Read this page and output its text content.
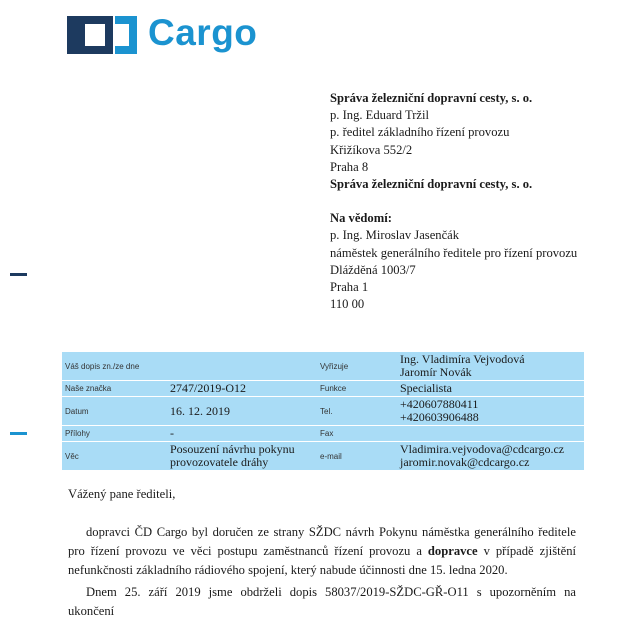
Cargo
Správa železniční dopravní cesty, s. o.
p. Ing. Eduard Tržil
p. ředitel základního řízení provozu
Křižíkova 552/2
Praha 8
Správa železniční dopravní cesty, s. o.
Na vědomí:
p. Ing. Miroslav Jasenčák
náměstek generálního ředitele pro řízení provozu
Dlážděná 1003/7
Praha 1
110 00
Váš dopis zn./ze dne		Vyřizuje	Ing. Vladimíra Vejvodová
Jaromír Novák

Naše značka	2747/2019-O12	Funkce	Specialista
Datum	16. 12. 2019	Tel.	+420607880411
+420603906488

Přílohy	-	Fax	
Věc	Posouzení návrhu pokynu provozovatele dráhy	e-mail	Vladimira.vejvodova@cdcargo.cz
jaromir.novak@cdcargo.cz
Vážený pane řediteli,
dopravci ČD Cargo byl doručen ze strany SŽDC návrh Pokynu náměstka generálního ředitele pro řízení provozu ve věci postupu zaměstnanců řízení provozu a dopravce v případě zjištění nefunkčnosti základního rádiového spojení, který nabude účinnosti dne 15. ledna 2020.
Dnem 25. září 2019 jsme obdrželi dopis 58037/2019-SŽDC-GŘ-O11 s upozorněním na ukončení
